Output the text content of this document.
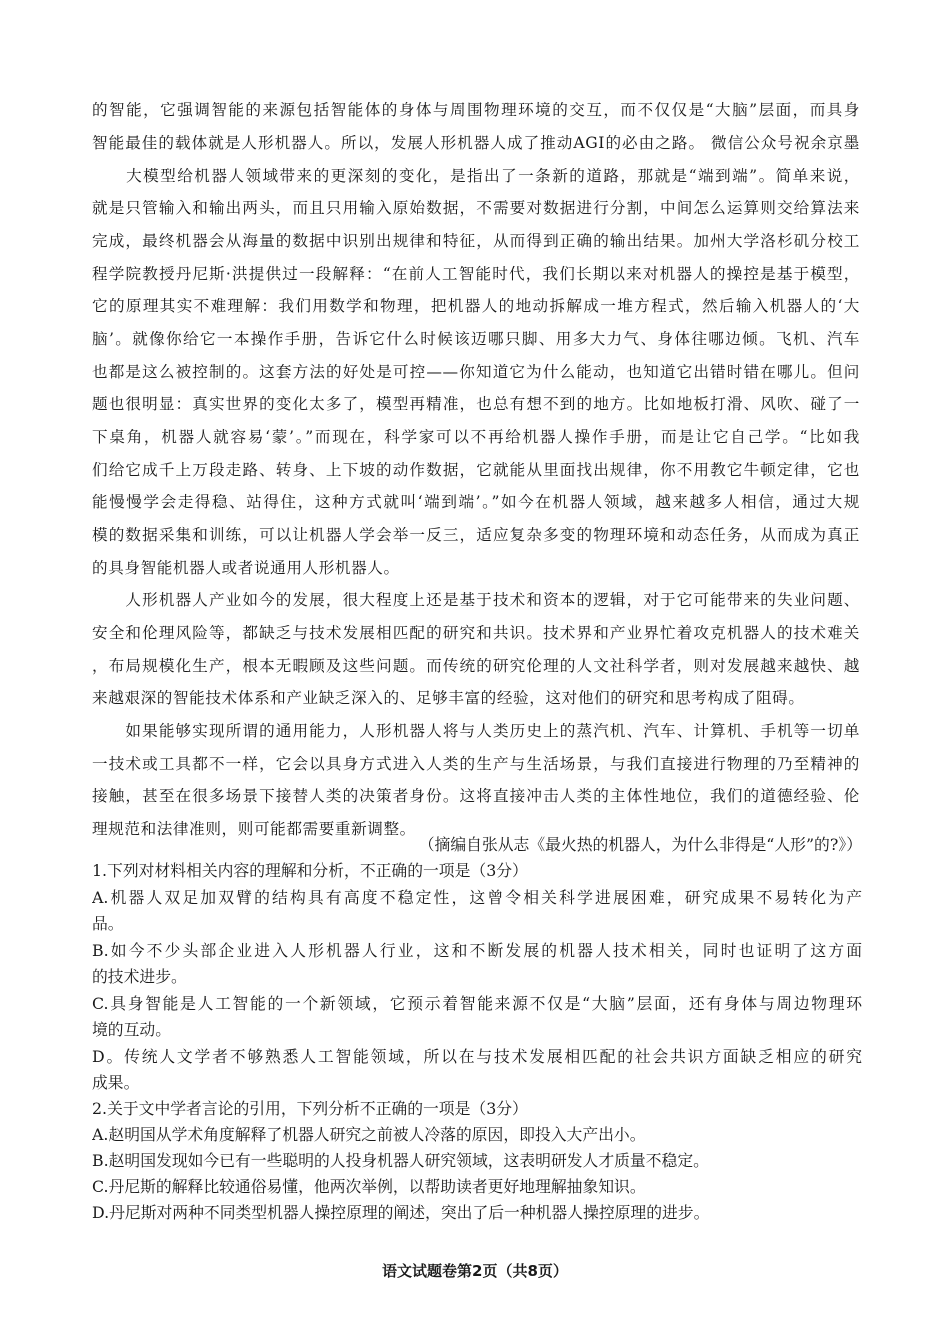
的智能，它强调智能的来源包括智能体的身体与周围物理环境的交互，而不仅仅是“大脑”层面，而具身
智能最佳的载体就是人形机器人。所以，发展人形机器人成了推动AGI的必由之路。 微信公众号祝余京墨
　　大模型给机器人领域带来的更深刻的变化，是指出了一条新的道路，那就是“端到端”。简单来说，
就是只管输入和输出两头，而且只用输入原始数据，不需要对数据进行分割，中间怎么运算则交给算法来
完成，最终机器会从海量的数据中识别出规律和特征，从而得到正确的输出结果。加州大学洛杉矶分校工
程学院教授丹尼斯·洪提供过一段解释：“在前人工智能时代，我们长期以来对机器人的操控是基于模型，
它的原理其实不难理解：我们用数学和物理，把机器人的地动拆解成一堆方程式，然后输入机器人的‘大
脑’。就像你给它一本操作手册，告诉它什么时候该迈哪只脚、用多大力气、身体往哪边倾。飞机、汽车
也都是这么被控制的。这套方法的好处是可控——你知道它为什么能动，也知道它出错时错在哪儿。但问
题也很明显：真实世界的变化太多了，模型再精准，也总有想不到的地方。比如地板打滑、风吹、碰了一
下桌角，机器人就容易‘蒙’。”而现在，科学家可以不再给机器人操作手册，而是让它自己学。“比如我
们给它成千上万段走路、转身、上下坡的动作数据，它就能从里面找出规律，你不用教它牛顿定律，它也
能慢慢学会走得稳、站得住，这种方式就叫‘端到端’。”如今在机器人领域，越来越多人相信，通过大规
模的数据采集和训练，可以让机器人学会举一反三，适应复杂多变的物理环境和动态任务，从而成为真正
的具身智能机器人或者说通用人形机器人。
　　人形机器人产业如今的发展，很大程度上还是基于技术和资本的逻辑，对于它可能带来的失业问题、
安全和伦理风险等，都缺乏与技术发展相匹配的研究和共识。技术界和产业界忙着攻克机器人的技术难关
，布局规模化生产，根本无暇顾及这些问题。而传统的研究伦理的人文社科学者，则对发展越来越快、越
来越艰深的智能技术体系和产业缺乏深入的、足够丰富的经验，这对他们的研究和思考构成了阻碍。
　　如果能够实现所谓的通用能力，人形机器人将与人类历史上的蒸汽机、汽车、计算机、手机等一切单
一技术或工具都不一样，它会以具身方式进入人类的生产与生活场景，与我们直接进行物理的乃至精神的
接触，甚至在很多场景下接替人类的决策者身份。这将直接冲击人类的主体性地位，我们的道德经验、伦
理规范和法律准则，则可能都需要重新调整。
（摘编自张从志《最火热的机器人，为什么非得是“人形”的?》）
1.下列对材料相关内容的理解和分析，不正确的一项是（3分）
A.机器人双足加双臂的结构具有高度不稳定性，这曾令相关科学进展困难，研究成果不易转化为产
品。
B.如今不少头部企业进入人形机器人行业，这和不断发展的机器人技术相关，同时也证明了这方面
的技术进步。
C.具身智能是人工智能的一个新领域，它预示着智能来源不仅是“大脑”层面，还有身体与周边物理环
境的互动。
D。传统人文学者不够熟悉人工智能领域，所以在与技术发展相匹配的社会共识方面缺乏相应的研究
成果。
2.关于文中学者言论的引用，下列分析不正确的一项是（3分）
A.赵明国从学术角度解释了机器人研究之前被人冷落的原因，即投入大产出小。
B.赵明国发现如今已有一些聪明的人投身机器人研究领域，这表明研发人才质量不稳定。
C.丹尼斯的解释比较通俗易懂，他两次举例，以帮助读者更好地理解抽象知识。
D.丹尼斯对两种不同类型机器人操控原理的阐述，突出了后一种机器人操控原理的进步。
语文试题卷第2页（共8页）
